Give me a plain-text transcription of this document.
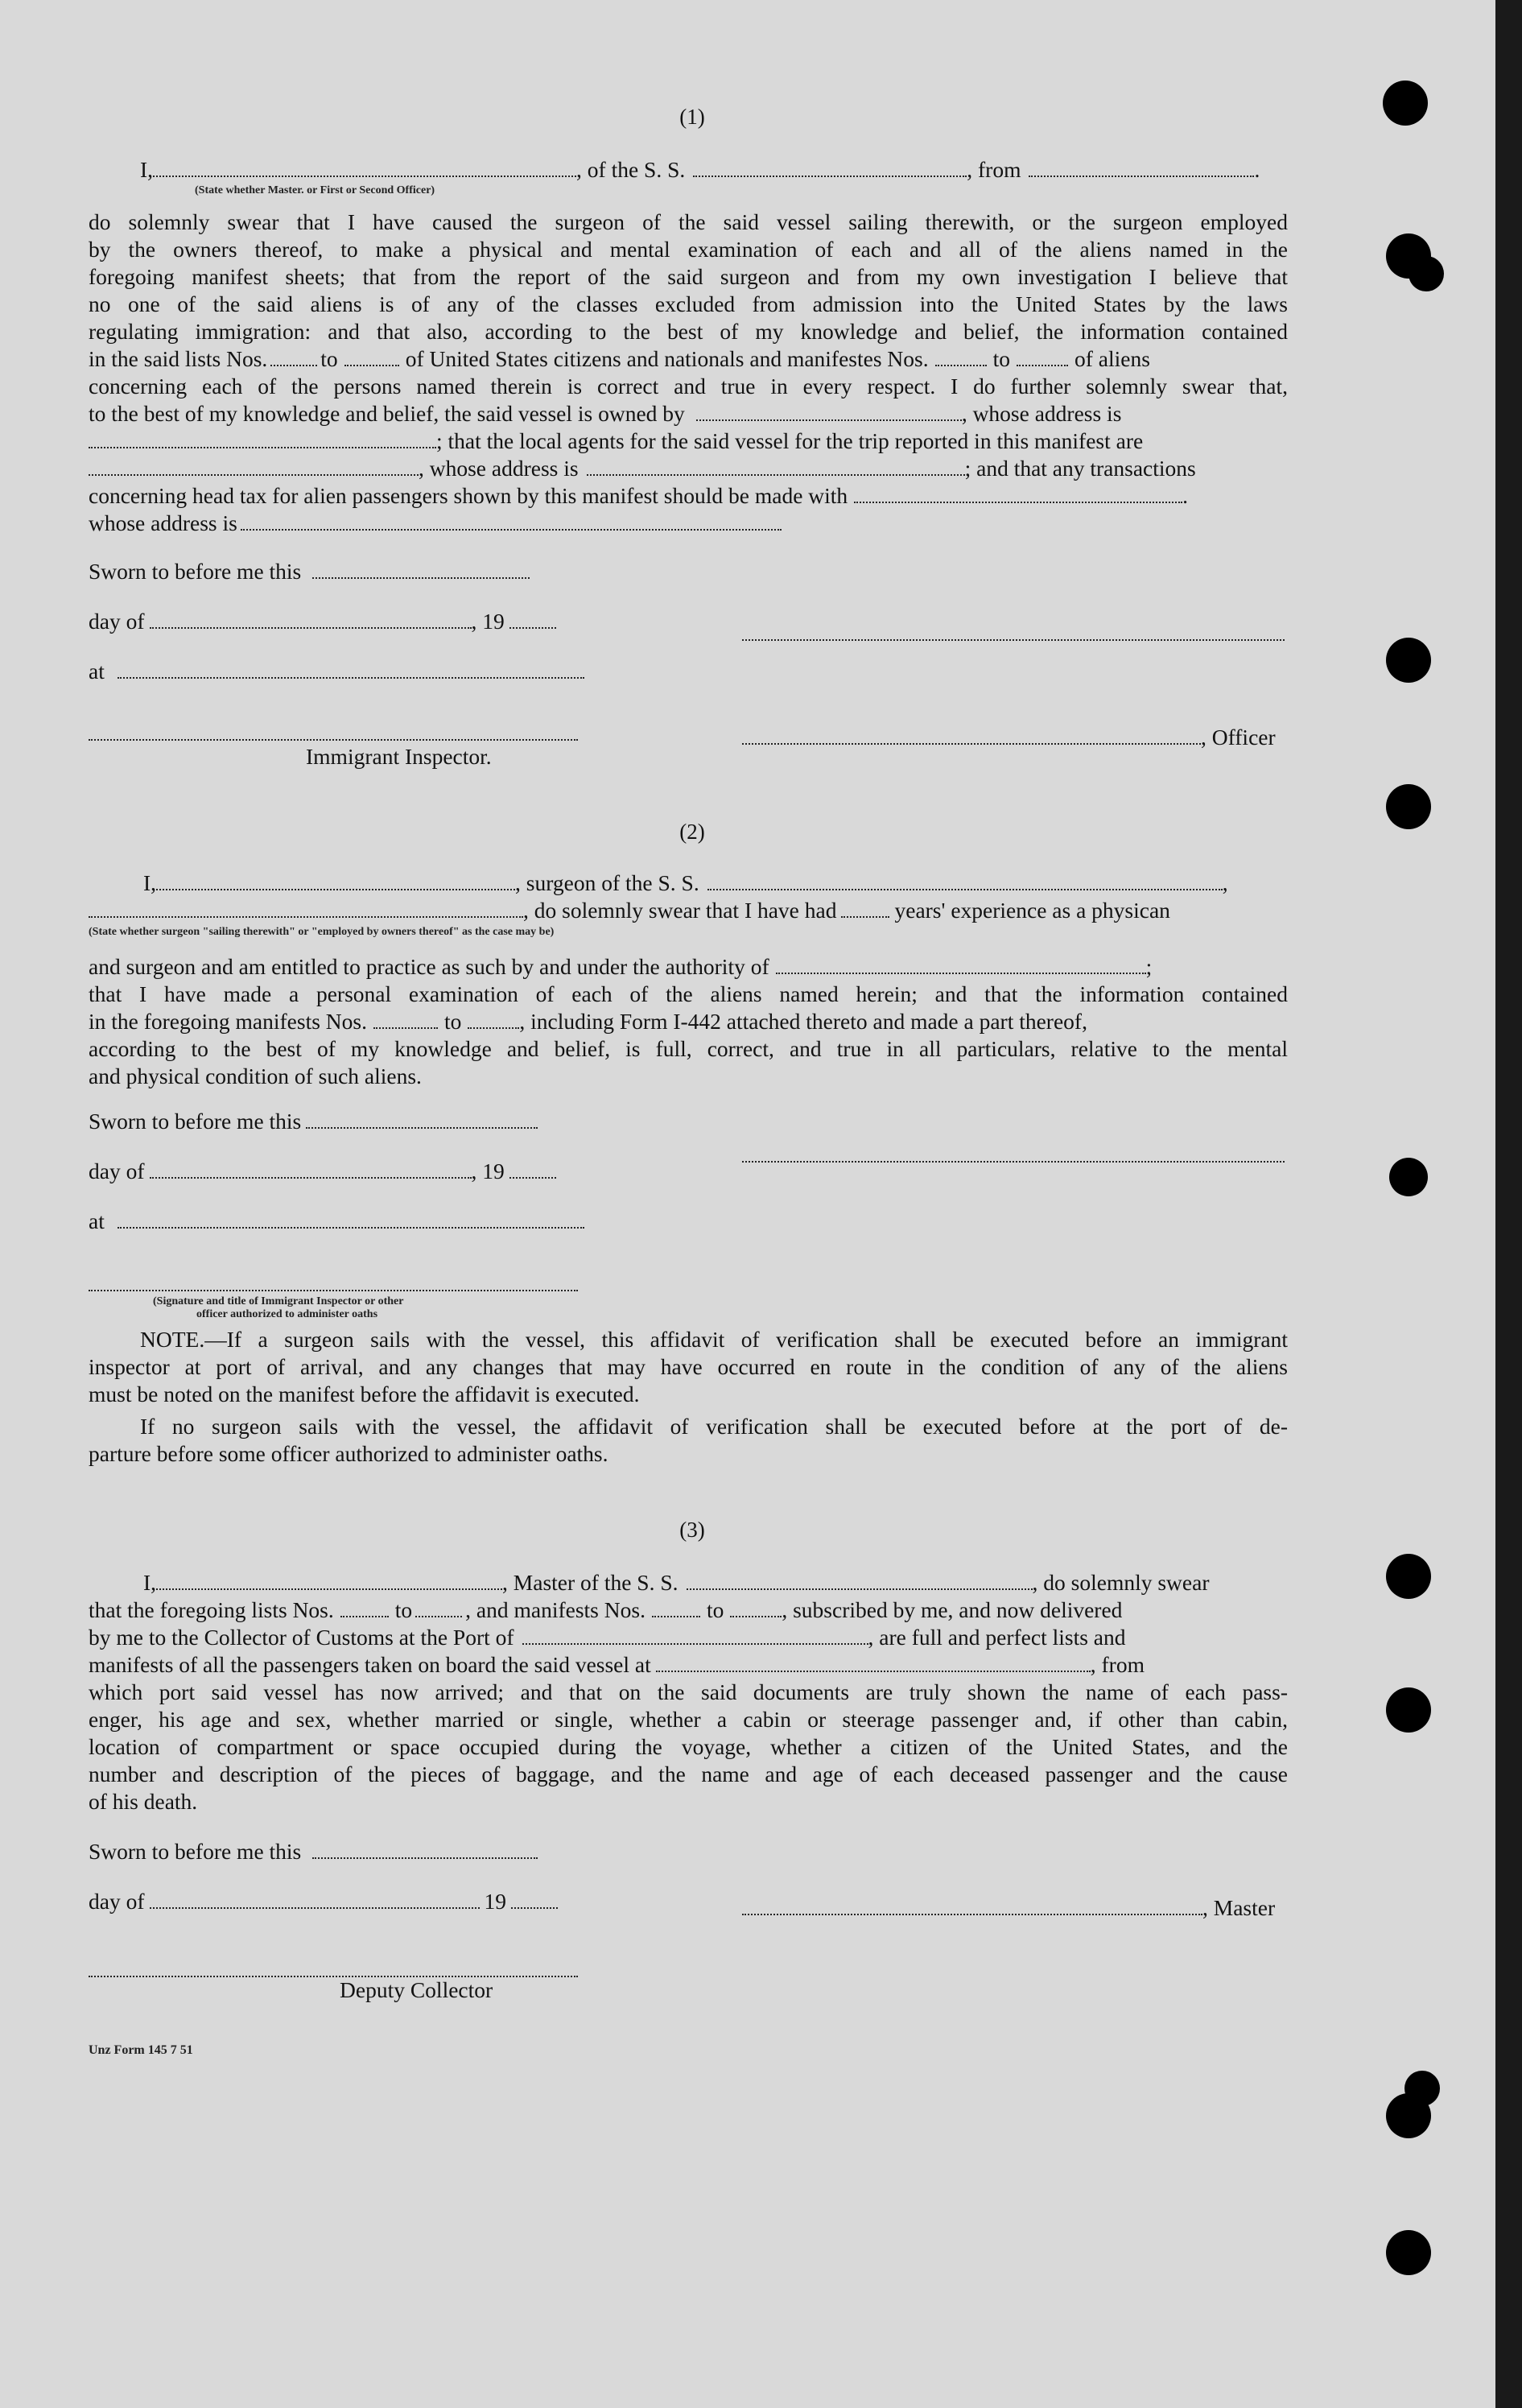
(1)
I,	, of the S. S.	, from	.
(State whether Master. or First or Second Officer)
do solemnly swear that I have caused the surgeon of the said vessel sailing therewith, or the surgeon employed
by the owners thereof, to make a physical and mental examination of each and all of the aliens named in the
foregoing manifest sheets; that from the report of the said surgeon and from my own investigation I believe that
no one of the said aliens is of any of the classes excluded from admission into the United States by the laws
regulating immigration: and that also, according to the best of my knowledge and belief, the information contained
in the said lists Nos. to	of United States citizens and nationals and manifestes Nos.	to	of aliens
concerning each of the persons named therein is correct and true in every respect. I do further solemnly swear that,
to the best of my knowledge and belief, the said vessel is owned by	, whose address is
; that the local agents for the said vessel for the trip reported in this manifest are
, whose address is	; and that any transactions
concerning head tax for alien passengers shown by this manifest should be made with	.
whose address is
Sworn to before me this
day of	, 19
at
, Officer
Immigrant Inspector.
(2)
I,	, surgeon of the S. S.	,
, do solemnly swear that I have had	years' experience as a physican
(State whether surgeon "sailing therewith" or "employed by owners thereof" as the case may be)
and surgeon and am entitled to practice as such by and under the authority of	;
that I have made a personal examination of each of the aliens named herein; and that the information contained
in the foregoing manifests Nos.	to	, including Form I-442 attached thereto and made a part thereof,
according to the best of my knowledge and belief, is full, correct, and true in all particulars, relative to the mental
and physical condition of such aliens.
Sworn to before me this
day of	, 19
at
(Signature and title of Immigrant Inspector or other
officer authorized to administer oaths
NOTE.—If a surgeon sails with the vessel, this affidavit of verification shall be executed before an immigrant
inspector at port of arrival, and any changes that may have occurred en route in the condition of any of the aliens
must be noted on the manifest before the affidavit is executed.
If no surgeon sails with the vessel, the affidavit of verification shall be executed before at the port of de-
parture before some officer authorized to administer oaths.
(3)
I,	, Master of the S. S.	, do solemnly swear
that the foregoing lists Nos.	to , and manifests Nos.	to	, subscribed by me, and now delivered
by me to the Collector of Customs at the Port of	, are full and perfect lists and
manifests of all the passengers taken on board the said vessel at	, from
which port said vessel has now arrived; and that on the said documents are truly shown the name of each pass-
enger, his age and sex, whether married or single, whether a cabin or steerage passenger and, if other than cabin,
location of compartment or space occupied during the voyage, whether a citizen of the United States, and the
number and description of the pieces of baggage, and the name and age of each deceased passenger and the cause
of his death.
Sworn to before me this
day of	19	, Master
Deputy Collector
Unz Form 145 7 51
